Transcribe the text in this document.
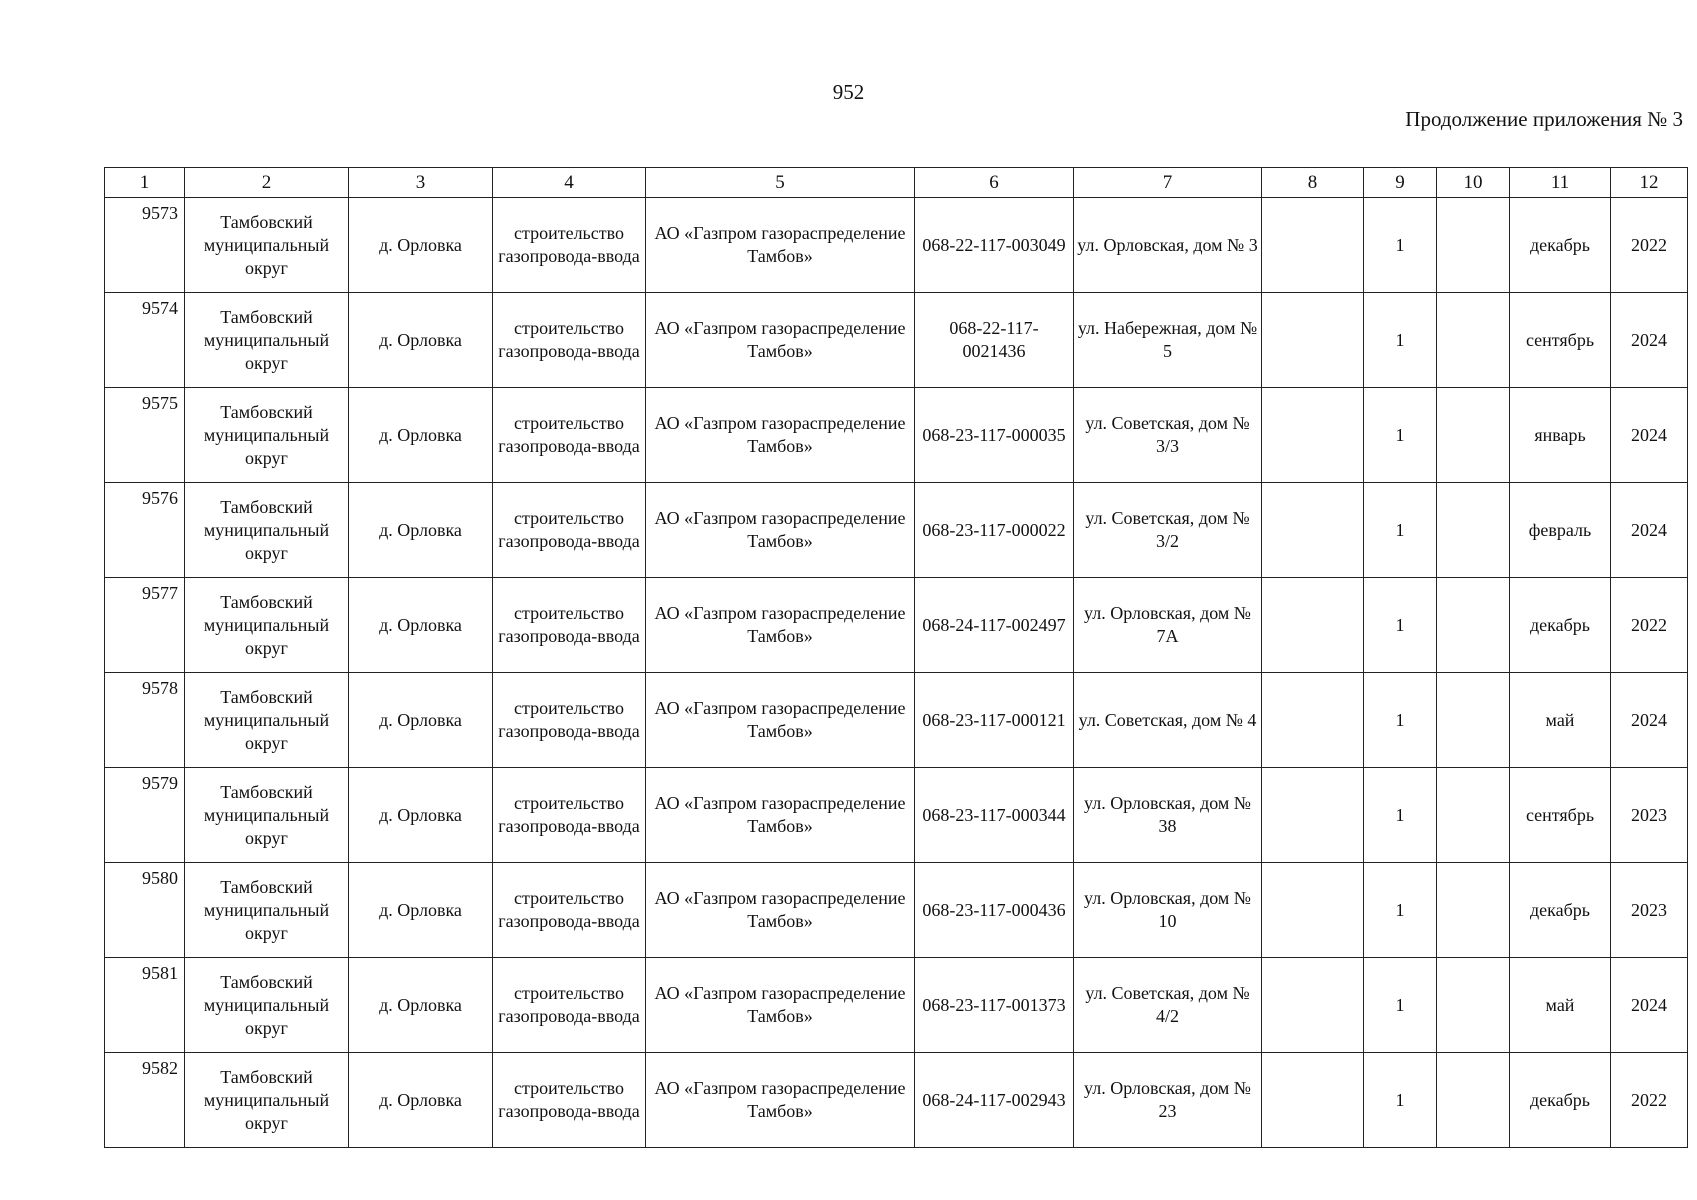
952
Продолжение приложения № 3
1	2	3	4	5	6	7	8	9	10	11	12
9573	Тамбовский муниципальный округ	д. Орловка	строительство газопровода-ввода	АО «Газпром газораспределение Тамбов»	068-22-117-003049	ул. Орловская, дом № 3		1		декабрь	2022
9574	Тамбовский муниципальный округ	д. Орловка	строительство газопровода-ввода	АО «Газпром газораспределение Тамбов»	068-22-117-0021436	ул. Набережная, дом № 5		1		сентябрь	2024
9575	Тамбовский муниципальный округ	д. Орловка	строительство газопровода-ввода	АО «Газпром газораспределение Тамбов»	068-23-117-000035	ул. Советская, дом № 3/3		1		январь	2024
9576	Тамбовский муниципальный округ	д. Орловка	строительство газопровода-ввода	АО «Газпром газораспределение Тамбов»	068-23-117-000022	ул. Советская, дом № 3/2		1		февраль	2024
9577	Тамбовский муниципальный округ	д. Орловка	строительство газопровода-ввода	АО «Газпром газораспределение Тамбов»	068-24-117-002497	ул. Орловская, дом № 7А		1		декабрь	2022
9578	Тамбовский муниципальный округ	д. Орловка	строительство газопровода-ввода	АО «Газпром газораспределение Тамбов»	068-23-117-000121	ул. Советская, дом № 4		1		май	2024
9579	Тамбовский муниципальный округ	д. Орловка	строительство газопровода-ввода	АО «Газпром газораспределение Тамбов»	068-23-117-000344	ул. Орловская, дом № 38		1		сентябрь	2023
9580	Тамбовский муниципальный округ	д. Орловка	строительство газопровода-ввода	АО «Газпром газораспределение Тамбов»	068-23-117-000436	ул. Орловская, дом № 10		1		декабрь	2023
9581	Тамбовский муниципальный округ	д. Орловка	строительство газопровода-ввода	АО «Газпром газораспределение Тамбов»	068-23-117-001373	ул. Советская, дом № 4/2		1		май	2024
9582	Тамбовский муниципальный округ	д. Орловка	строительство газопровода-ввода	АО «Газпром газораспределение Тамбов»	068-24-117-002943	ул. Орловская, дом № 23		1		декабрь	2022
